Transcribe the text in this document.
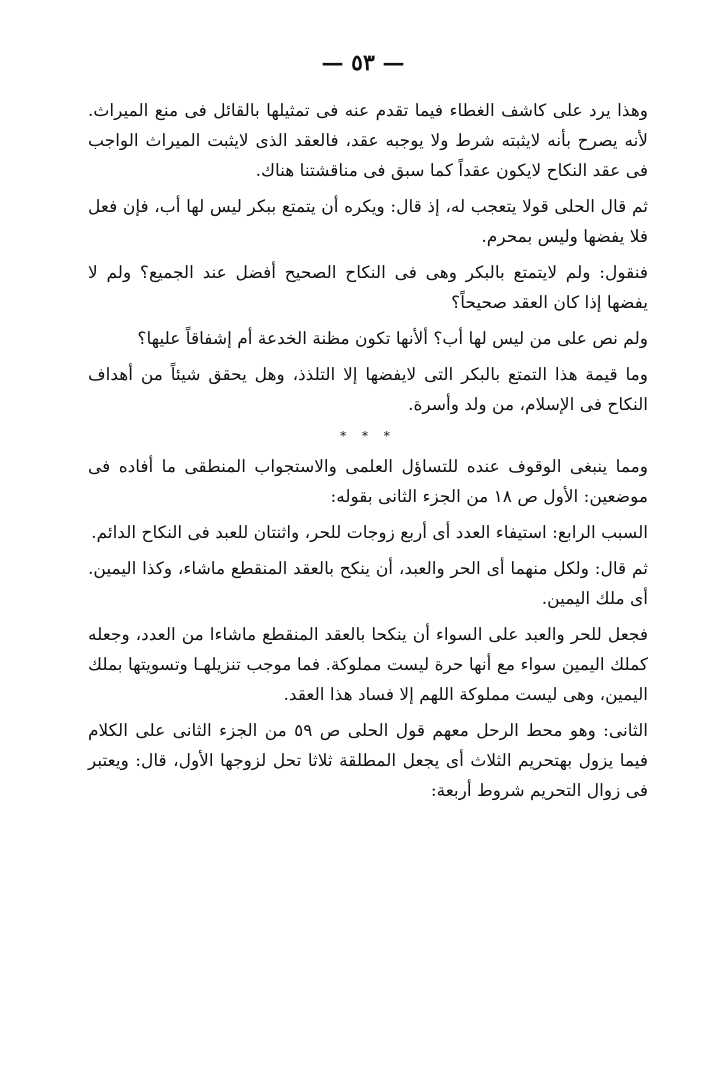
— ٥٣ —

وهذا يرد على كاشف الغطاء فيما تقدم عنه فى تمثيلها بالقائل فى منع الميراث. لأنه يصرح بأنه لايثبته شرط ولا يوجبه عقد، فالعقد الذى لايثبت الميراث الواجب فى عقد النكاح لايكون عقداً كما سبق فى مناقشتنا هناك.

ثم قال الحلى قولا يتعجب له، إذ قال: ويكره أن يتمتع ببكر ليس لها أب، فإن فعل فلا يفضها وليس بمحرم.

فنقول: ولم لايتمتع بالبكر وهى فى النكاح الصحيح أفضل عند الجميع؟ ولم لا يفضها إذا كان العقد صحيحاً؟

ولم نص على من ليس لها أب؟ ألأنها تكون مظنة الخدعة أم إشفاقاً عليها؟

وما قيمة هذا التمتع بالبكر التى لايفضها إلا التلذذ، وهل يحقق شيئاً من أهداف النكاح فى الإسلام، من ولد وأسرة.

* * *

ومما ينبغى الوقوف عنده للتساؤل العلمى والاستجواب المنطقى ما أفاده فى موضعين: الأول ص ١٨ من الجزء الثانى بقوله:

السبب الرابع: استيفاء العدد أى أربع زوجات للحر، واثنتان للعبد فى النكاح الدائم.

ثم قال: ولكل منهما أى الحر والعبد، أن ينكح بالعقد المنقطع ماشاء، وكذا اليمين. أى ملك اليمين.

فجعل للحر والعبد على السواء أن ينكحا بالعقد المنقطع ماشاءا من العدد، وجعله كملك اليمين سواء مع أنها حرة ليست مملوكة. فما موجب تنزيلهـا وتسويتها بملك اليمين، وهى ليست مملوكة اللهم إلا فساد هذا العقد.

الثانى: وهو محط الرحل معهم قول الحلى ص ٥٩ من الجزء الثانى على الكلام فيما يزول بهتحريم الثلاث أى يجعل المطلقة ثلاثا تحل لزوجها الأول، قال: ويعتبر فى زوال التحريم شروط أربعة:
